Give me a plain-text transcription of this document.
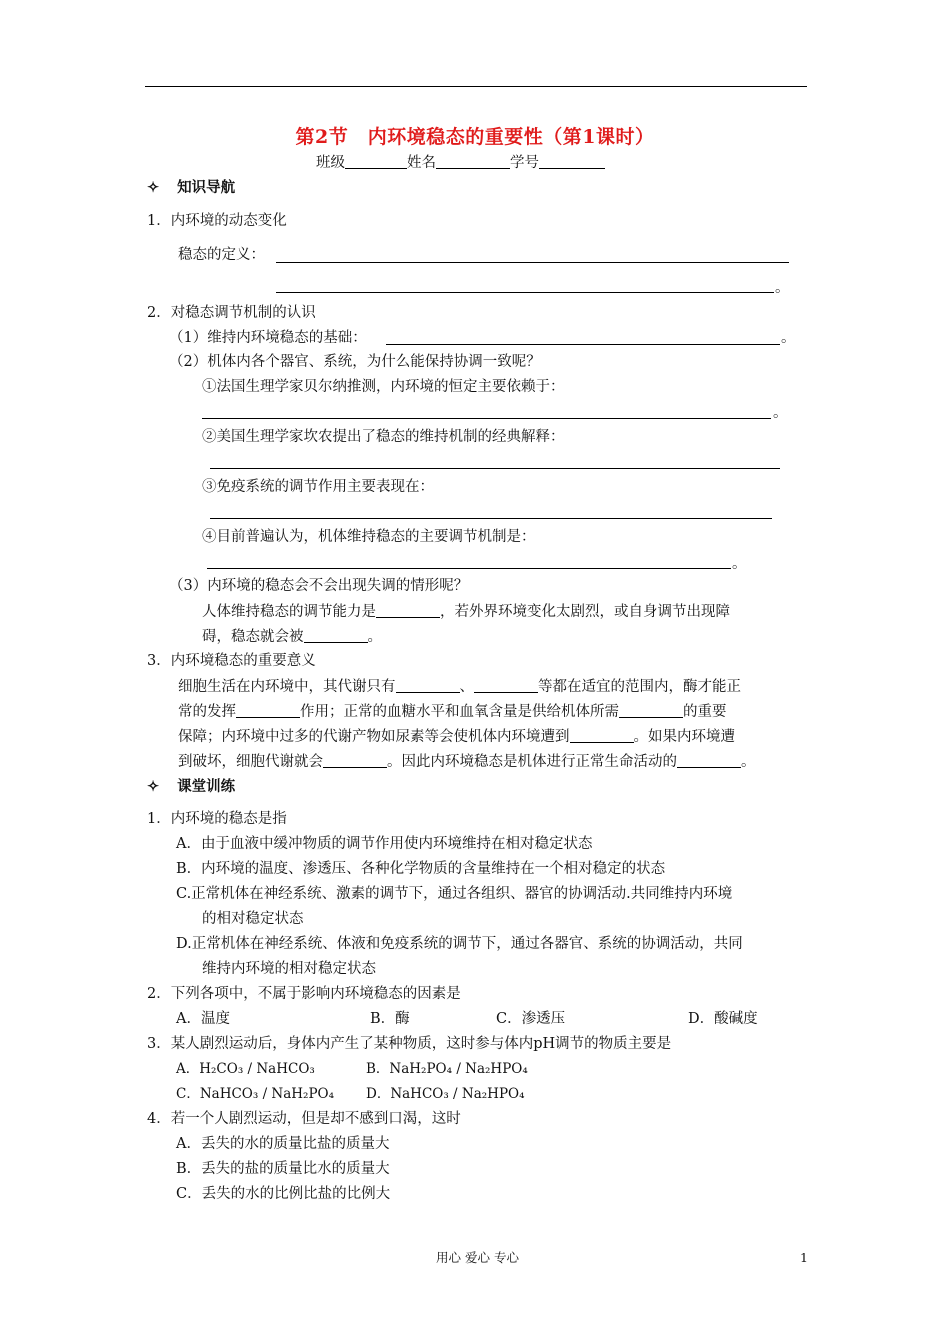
第2节　内环境稳态的重要性（第1课时）
班级	姓名	学号
✧ 知识导航
1．内环境的动态变化
稳态的定义：
。
2．对稳态调节机制的认识
（1）维持内环境稳态的基础：	。
（2）机体内各个器官、系统，为什么能保持协调一致呢？
①法国生理学家贝尔纳推测，内环境的恒定主要依赖于：
。
②美国生理学家坎农提出了稳态的维持机制的经典解释：
③免疫系统的调节作用主要表现在：
④目前普遍认为，机体维持稳态的主要调节机制是：
。
（3）内环境的稳态会不会出现失调的情形呢？
人体维持稳态的调节能力是	，若外界环境变化太剧烈，或自身调节出现障
碍，稳态就会被	。
3．内环境稳态的重要意义
细胞生活在内环境中，其代谢只有	、	等都在适宜的范围内，酶才能正
常的发挥	作用；正常的血糖水平和血氧含量是供给机体所需	的重要
保障；内环境中过多的代谢产物如尿素等会使机体内环境遭到	。如果内环境遭
到破坏，细胞代谢就会	。因此内环境稳态是机体进行正常生命活动的	。
✧ 课堂训练
1．内环境的稳态是指
A．由于血液中缓冲物质的调节作用使内环境维持在相对稳定状态
B．内环境的温度、渗透压、各种化学物质的含量维持在一个相对稳定的状态
C.正常机体在神经系统、激素的调节下，通过各组织、器官的协调活动.共同维持内环境
的相对稳定状态
D.正常机体在神经系统、体液和免疫系统的调节下，通过各器官、系统的协调活动，共同
维持内环境的相对稳定状态
2．下列各项中，不属于影响内环境稳态的因素是
A．温度	B．酶	C．渗透压	D．酸碱度
3．某人剧烈运动后，身体内产生了某种物质，这时参与体内pH调节的物质主要是
A．H₂CO₃ / NaHCO₃	B．NaH₂PO₄ / Na₂HPO₄
C．NaHCO₃ / NaH₂PO₄ D．NaHCO₃ / Na₂HPO₄
4．若一个人剧烈运动，但是却不感到口渴，这时
A．丢失的水的质量比盐的质量大
B．丢失的盐的质量比水的质量大
C．丢失的水的比例比盐的比例大
用心 爱心 专心	1
